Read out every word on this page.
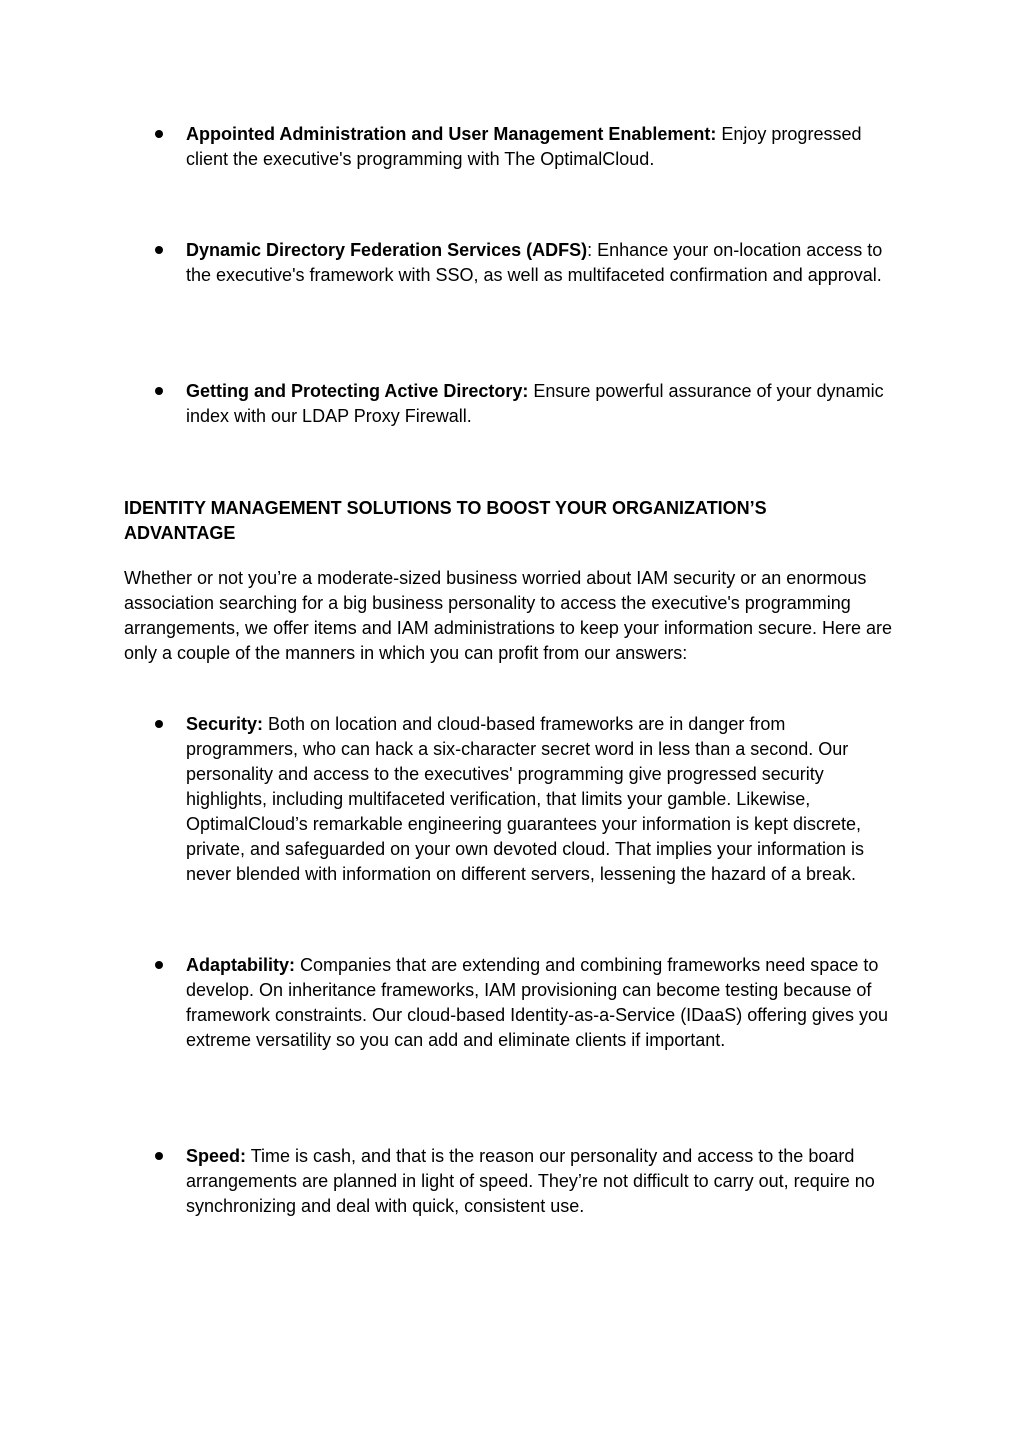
Appointed Administration and User Management Enablement: Enjoy progressed client the executive's programming with The OptimalCloud.
Dynamic Directory Federation Services (ADFS): Enhance your on-location access to the executive's framework with SSO, as well as multifaceted confirmation and approval.
Getting and Protecting Active Directory: Ensure powerful assurance of your dynamic index with our LDAP Proxy Firewall.
IDENTITY MANAGEMENT SOLUTIONS TO BOOST YOUR ORGANIZATION’S ADVANTAGE
Whether or not you’re a moderate-sized business worried about IAM security or an enormous association searching for a big business personality to access the executive's programming arrangements, we offer items and IAM administrations to keep your information secure. Here are only a couple of the manners in which you can profit from our answers:
Security: Both on location and cloud-based frameworks are in danger from programmers, who can hack a six-character secret word in less than a second. Our personality and access to the executives' programming give progressed security highlights, including multifaceted verification, that limits your gamble. Likewise, OptimalCloud’s remarkable engineering guarantees your information is kept discrete, private, and safeguarded on your own devoted cloud. That implies your information is never blended with information on different servers, lessening the hazard of a break.
Adaptability: Companies that are extending and combining frameworks need space to develop. On inheritance frameworks, IAM provisioning can become testing because of framework constraints. Our cloud-based Identity-as-a-Service (IDaaS) offering gives you extreme versatility so you can add and eliminate clients if important.
Speed: Time is cash, and that is the reason our personality and access to the board arrangements are planned in light of speed. They’re not difficult to carry out, require no synchronizing and deal with quick, consistent use.
